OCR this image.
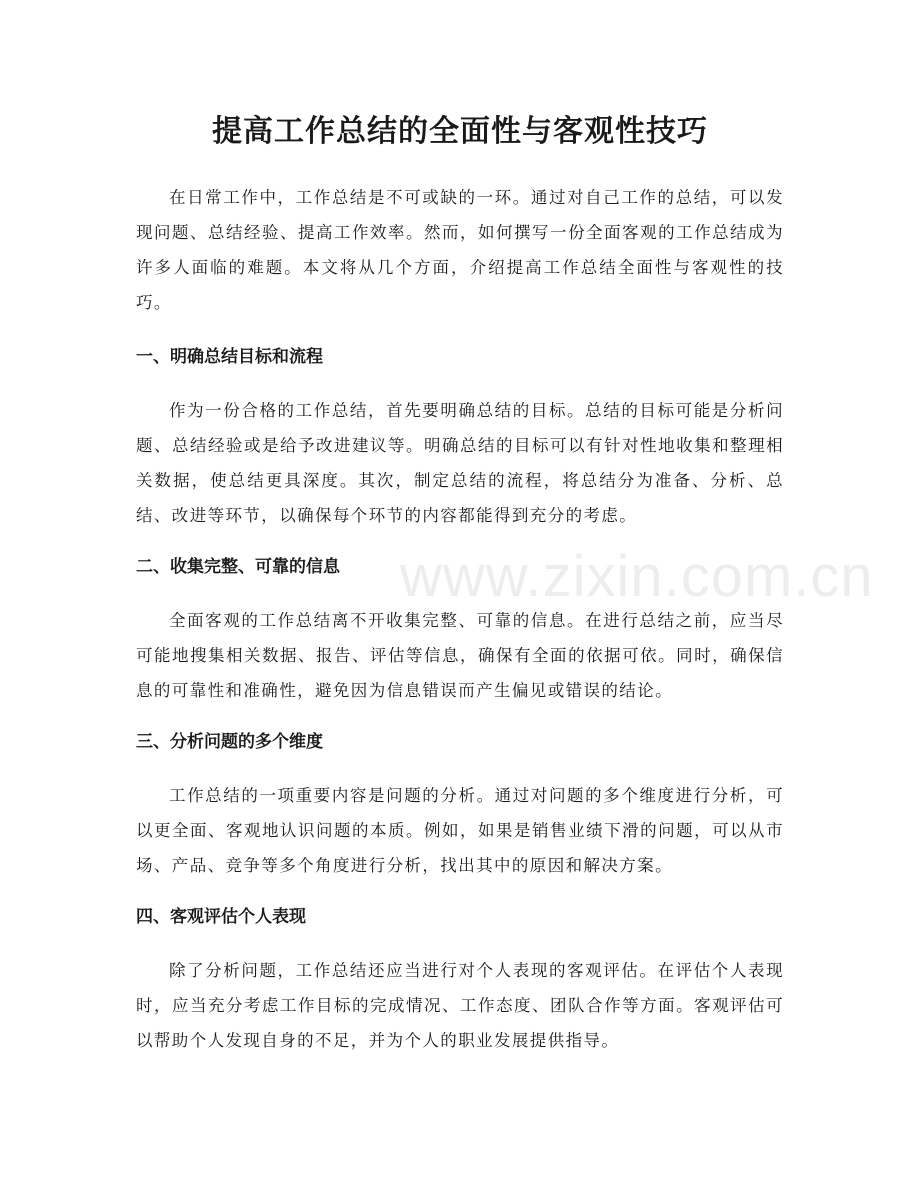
提高工作总结的全面性与客观性技巧

在日常工作中，工作总结是不可或缺的一环。通过对自己工作的总结，可以发现问题、总结经验、提高工作效率。然而，如何撰写一份全面客观的工作总结成为许多人面临的难题。本文将从几个方面，介绍提高工作总结全面性与客观性的技巧。

一、明确总结目标和流程

作为一份合格的工作总结，首先要明确总结的目标。总结的目标可能是分析问题、总结经验或是给予改进建议等。明确总结的目标可以有针对性地收集和整理相关数据，使总结更具深度。其次，制定总结的流程，将总结分为准备、分析、总结、改进等环节，以确保每个环节的内容都能得到充分的考虑。

二、收集完整、可靠的信息

全面客观的工作总结离不开收集完整、可靠的信息。在进行总结之前，应当尽可能地搜集相关数据、报告、评估等信息，确保有全面的依据可依。同时，确保信息的可靠性和准确性，避免因为信息错误而产生偏见或错误的结论。

三、分析问题的多个维度

工作总结的一项重要内容是问题的分析。通过对问题的多个维度进行分析，可以更全面、客观地认识问题的本质。例如，如果是销售业绩下滑的问题，可以从市场、产品、竞争等多个角度进行分析，找出其中的原因和解决方案。

四、客观评估个人表现

除了分析问题，工作总结还应当进行对个人表现的客观评估。在评估个人表现时，应当充分考虑工作目标的完成情况、工作态度、团队合作等方面。客观评估可以帮助个人发现自身的不足，并为个人的职业发展提供指导。

www.zixin.com.cn
